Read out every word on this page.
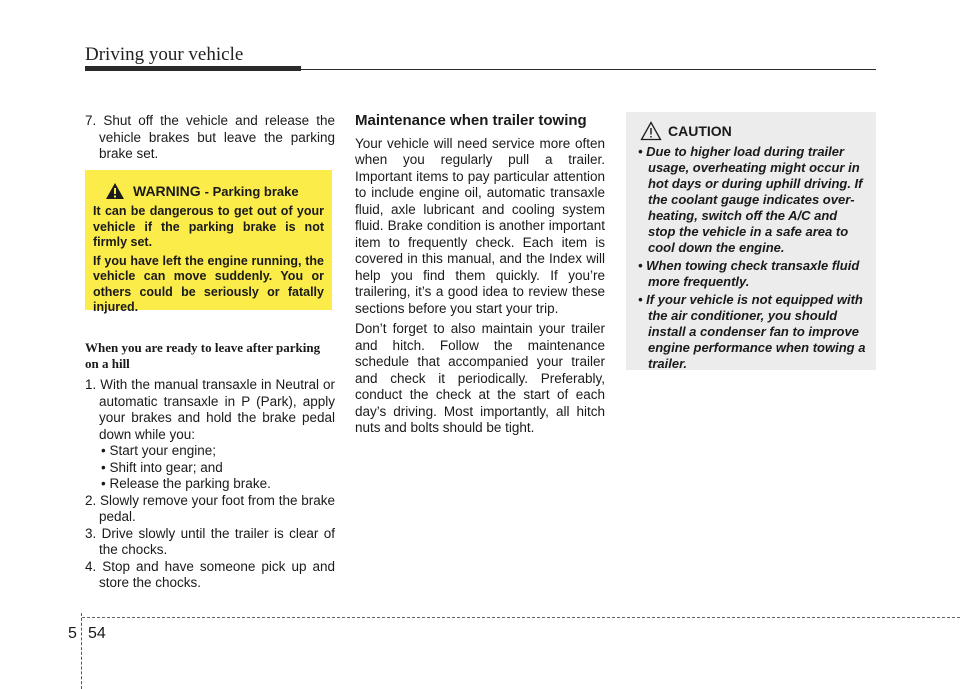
Driving your vehicle
7. Shut off the vehicle and release the vehicle brakes but leave the parking brake set.
WARNING - Parking brake

It can be dangerous to get out of your vehicle if the parking brake is not firmly set.

If you have left the engine running, the vehicle can move suddenly. You or others could be seriously or fatally injured.

When you are ready to leave after parking on a hill
1. With the manual transaxle in Neutral or automatic transaxle in P (Park), apply your brakes and hold the brake pedal down while you:
• Start your engine;
• Shift into gear; and
• Release the parking brake.
2. Slowly remove your foot from the brake pedal.
3. Drive slowly until the trailer is clear of the chocks.
4. Stop and have someone pick up and store the chocks.
Maintenance when trailer towing
Your vehicle will need service more often when you regularly pull a trailer. Important items to pay particular attention to include engine oil, automatic transaxle fluid, axle lubricant and cooling system fluid. Brake condition is another important item to frequently check. Each item is covered in this manual, and the Index will help you find them quickly. If you’re trailering, it’s a good idea to review these sections before you start your trip.
Don’t forget to also maintain your trailer and hitch. Follow the maintenance schedule that accompanied your trailer and check it periodically. Preferably, conduct the check at the start of each day’s driving. Most importantly, all hitch nuts and bolts should be tight.
CAUTION
• Due to higher load during trailer usage, overheating might occur in hot days or during uphill driving. If the coolant gauge indicates over-heating, switch off the A/C and stop the vehicle in a safe area to cool down the engine.
• When towing check transaxle fluid more frequently.
• If your vehicle is not equipped with the air conditioner, you should install a condenser fan to improve engine performance when towing a trailer.
5 54
